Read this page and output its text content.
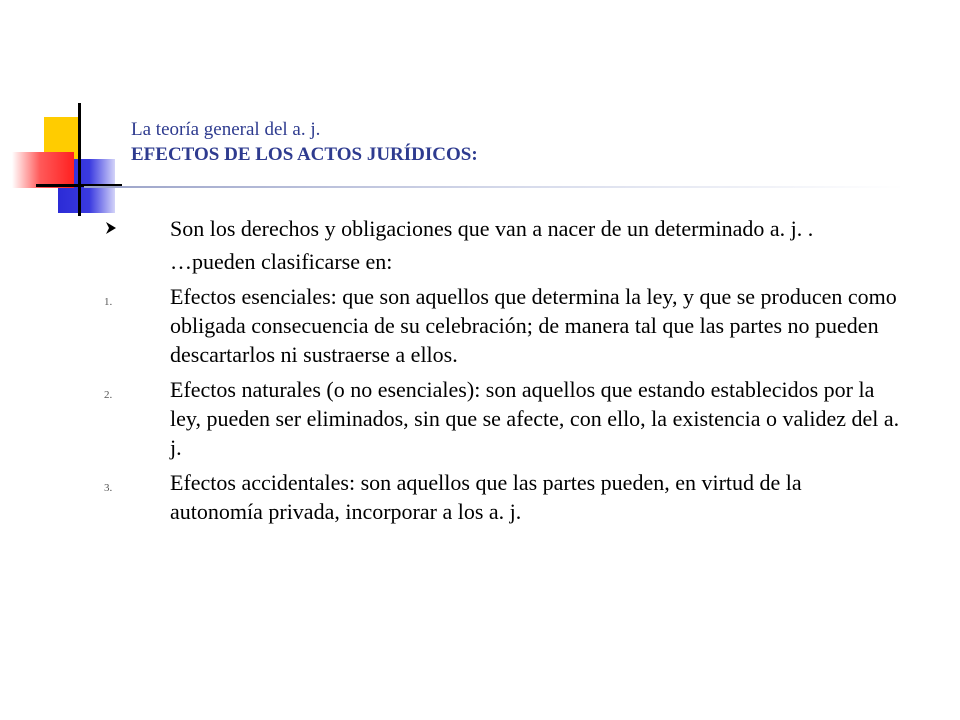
La teoría general del a. j.
EFECTOS DE LOS ACTOS JURÍDICOS:
Son los derechos y obligaciones que van a nacer de un determinado a. j. .
…pueden clasificarse en:
1.	Efectos esenciales: que son aquellos que determina la ley, y que se producen como obligada consecuencia de su celebración; de manera tal que las partes no pueden descartarlos ni sustraerse a ellos.
2.	Efectos naturales (o no esenciales): son aquellos que estando establecidos por la ley, pueden ser eliminados, sin que se afecte, con ello, la existencia o validez del a. j.
3.	Efectos accidentales: son aquellos que las partes pueden, en virtud de la autonomía privada, incorporar a los a. j.
